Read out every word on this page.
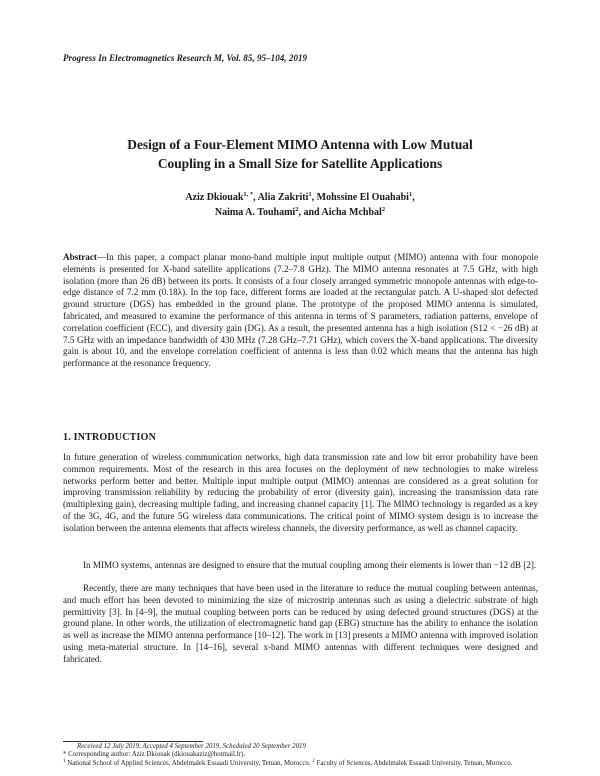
Progress In Electromagnetics Research M, Vol. 85, 95–104, 2019
Design of a Four-Element MIMO Antenna with Low Mutual
Coupling in a Small Size for Satellite Applications
Aziz Dkiouak$^{1, *}$, Alia Zakriti$^1$, Mohssine El Ouahabi$^1$,
Naima A. Touhami$^2$, and Aicha Mchbal$^2$

Abstract—In this paper, a compact planar mono-band multiple input multiple output (MIMO) antenna with four monopole elements is presented for X-band satellite applications (7.2–7.8 GHz). The MIMO antenna resonates at 7.5 GHz, with high isolation (more than 26 dB) between its ports. It consists of a four closely arranged symmetric monopole antennas with edge-to-edge distance of 7.2 mm (0.18λ). In the top face, different forms are loaded at the rectangular patch. A U-shaped slot defected ground structure (DGS) has embedded in the ground plane. The prototype of the proposed MIMO antenna is simulated, fabricated, and measured to examine the performance of this antenna in terms of S parameters, radiation patterns, envelope of correlation coefficient (ECC), and diversity gain (DG). As a result, the presented antenna has a high isolation (S12 < −26 dB) at 7.5 GHz with an impedance bandwidth of 430 MHz (7.28 GHz–7.71 GHz), which covers the X-band applications. The diversity gain is about 10, and the envelope correlation coefficient of antenna is less than 0.02 which means that the antenna has high performance at the resonance frequency.

1. INTRODUCTION

In future generation of wireless communication networks, high data transmission rate and low bit error probability have been common requirements. Most of the research in this area focuses on the deployment of new technologies to make wireless networks perform better and better. Multiple input multiple output (MIMO) antennas are considered as a great solution for improving transmission reliability by reducing the probability of error (diversity gain), increasing the transmission data rate (multiplexing gain), decreasing multiple fading, and increasing channel capacity [1]. The MIMO technology is regarded as a key of the 3G, 4G, and the future 5G wireless data communications. The critical point of MIMO system design is to increase the isolation between the antenna elements that affects wireless channels, the diversity performance, as well as channel capacity.

In MIMO systems, antennas are designed to ensure that the mutual coupling among their elements is lower than −12 dB [2].

Recently, there are many techniques that have been used in the literature to reduce the mutual coupling between antennas, and much effort has been devoted to minimizing the size of microstrip antennas such as using a dielectric substrate of high permittivity [3]. In [4–9], the mutual coupling between ports can be reduced by using defected ground structures (DGS) at the ground plane. In other words, the utilization of electromagnetic band gap (EBG) structure has the ability to enhance the isolation as well as increase the MIMO antenna performance [10–12]. The work in [13] presents a MIMO antenna with improved isolation using meta-material structure. In [14–16], several x-band MIMO antennas with different techniques were designed and fabricated.

Received 12 July 2019, Accepted 4 September 2019, Scheduled 20 September 2019
* Corresponding author: Aziz Dkiouak (dkiouakaziz@hotmail.fr).
$^1$ National School of Applied Sciences, Abdelmalek Essaadi University, Tetuan, Morocco. $^2$ Faculty of Sciences, Abdelmalek Essaadi University, Tetuan, Morocco.
